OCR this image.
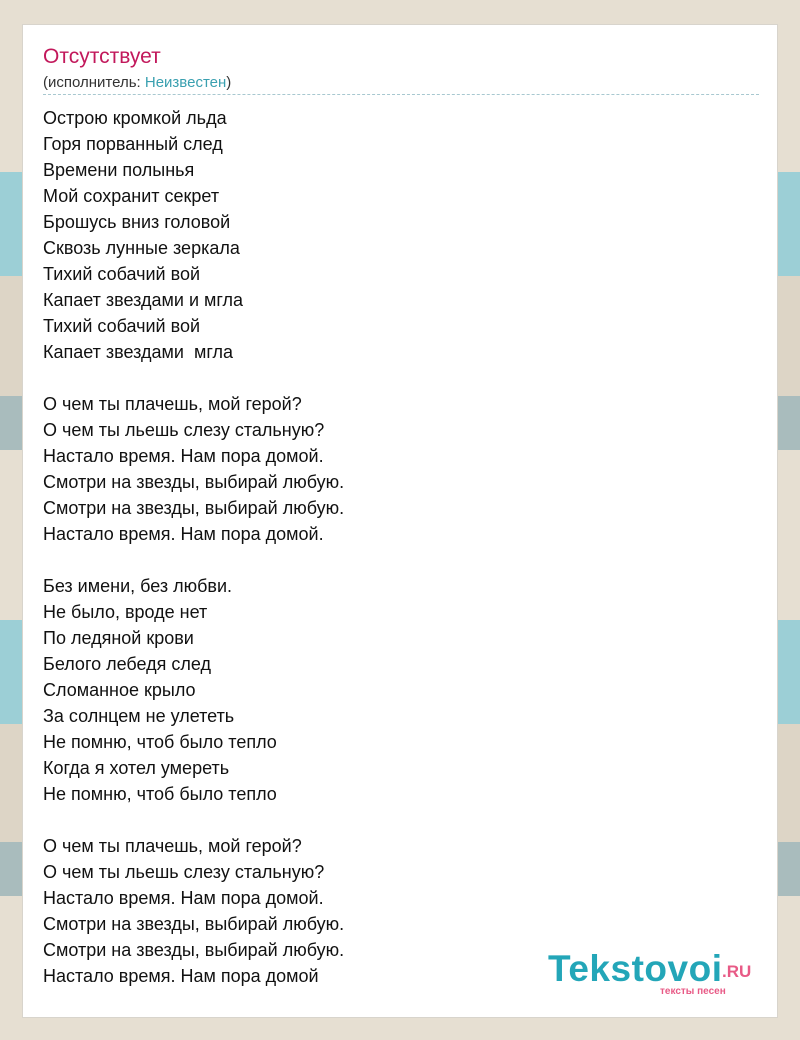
Отсутствует
(исполнитель: Неизвестен)
Острою кромкой льда
Горя порванный след
Времени полынья
Мой сохранит секрет
Брошусь вниз головой
Сквозь лунные зеркала
Тихий собачий вой
Капает звездами и мгла
Тихий собачий вой
Капает звездами  мгла
О чем ты плачешь, мой герой?
О чем ты льешь слезу стальную?
Настало время. Нам пора домой.
Смотри на звезды, выбирай любую.
Смотри на звезды, выбирай любую.
Настало время. Нам пора домой.
Без имени, без любви.
Не было, вроде нет
По ледяной крови
Белого лебедя след
Сломанное крыло
За солнцем не улететь
Не помню, чтоб было тепло
Когда я хотел умереть
Не помню, чтоб было тепло
О чем ты плачешь, мой герой?
О чем ты льешь слезу стальную?
Настало время. Нам пора домой.
Смотри на звезды, выбирай любую.
Смотри на звезды, выбирай любую.
Настало время. Нам пора домой	Tekstovoi .RU
тексты песен
